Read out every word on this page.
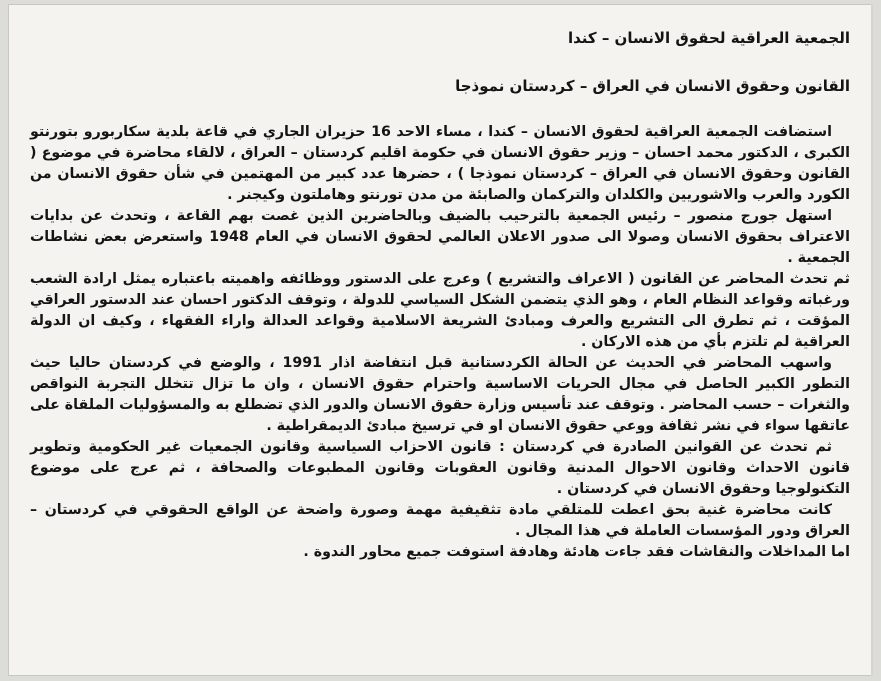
الجمعية العراقية لحقوق الانسان – كندا
القانون وحقوق الانسان في العراق – كردستان نموذجا

استضافت الجمعية العراقية لحقوق الانسان – كندا ، مساء الاحد 16 حزيران الجاري في قاعة بلدية سكاربورو بتورنتو الكبرى ، الدكتور محمد احسان – وزير حقوق الانسان في حكومة اقليم كردستان – العراق ، لالقاء محاضرة في موضوع ( القانون وحقوق الانسان في العراق – كردستان نموذجا ) ، حضرها عدد كبير من المهتمين في شأن حقوق الانسان من الكورد والعرب والاشوريين والكلدان والتركمان والصابئة من مدن تورنتو وهاملتون وكيجنر .

استهل جورج منصور – رئيس الجمعية بالترحيب بالضيف وبالحاضرين الذين غصت بهم القاعة ، وتحدث عن بدايات الاعتراف بحقوق الانسان وصولا الى صدور الاعلان العالمي لحقوق الانسان في العام 1948 واستعرض بعض نشاطات الجمعية .

ثم تحدث المحاضر عن القانون ( الاعراف والتشريع ) وعرج على الدستور ووظائفه واهميته باعتباره يمثل ارادة الشعب ورغباته وقواعد النظام العام ، وهو الذي يتضمن الشكل السياسي للدولة ، وتوقف الدكتور احسان عند الدستور العراقي المؤقت ، ثم تطرق الى التشريع والعرف ومبادئ الشريعة الاسلامية وقواعد العدالة واراء الفقهاء ، وكيف ان الدولة العراقية لم تلتزم بأي من هذه الاركان .

واسهب المحاضر في الحديث عن الحالة الكردستانية قبل انتفاضة اذار 1991 ، والوضع في كردستان حاليا حيث التطور الكبير الحاصل في مجال الحريات الاساسية واحترام حقوق الانسان ، وان ما تزال تتخلل التجربة النواقص والثغرات – حسب المحاضر . وتوقف عند تأسيس وزارة حقوق الانسان والدور الذي تضطلع به والمسؤوليات الملقاة على عاتقها سواء في نشر ثقافة ووعي حقوق الانسان او في ترسيخ مبادئ الديمقراطية .

ثم تحدث عن القوانين الصادرة في كردستان : قانون الاحزاب السياسية وقانون الجمعيات غير الحكومية وتطوير قانون الاحداث وقانون الاحوال المدنية وقانون العقوبات وقانون المطبوعات والصحافة ، ثم عرج على موضوع التكنولوجيا وحقوق الانسان في كردستان .

كانت محاضرة غنية بحق اعطت للمتلقي مادة تثقيفية مهمة وصورة واضحة عن الواقع الحقوقي في كردستان – العراق ودور المؤسسات العاملة في هذا المجال .

اما المداخلات والنقاشات فقد جاءت هادئة وهادفة استوفت جميع محاور الندوة .
